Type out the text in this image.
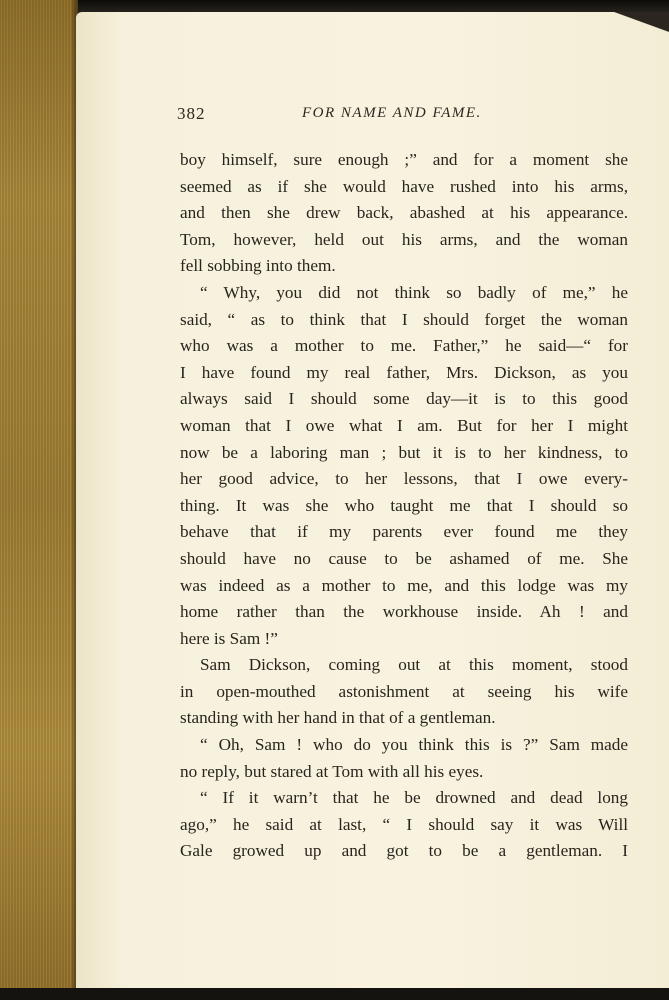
382	FOR NAME AND FAME.
boy himself, sure enough ;” and for a moment she
seemed as if she would have rushed into his arms,
and then she drew back, abashed at his appearance.
Tom, however, held out his arms, and the woman
fell sobbing into them.
“ Why, you did not think so badly of me,” he
said, “ as to think that I should forget the woman
who was a mother to me. Father,” he said—“ for
I have found my real father, Mrs. Dickson, as you
always said I should some day—it is to this good
woman that I owe what I am. But for her I might
now be a laboring man ; but it is to her kindness, to
her good advice, to her lessons, that I owe every-
thing. It was she who taught me that I should so
behave that if my parents ever found me they
should have no cause to be ashamed of me. She
was indeed as a mother to me, and this lodge was my
home rather than the workhouse inside. Ah ! and
here is Sam !”
Sam Dickson, coming out at this moment, stood
in open-mouthed astonishment at seeing his wife
standing with her hand in that of a gentleman.
“ Oh, Sam ! who do you think this is ?” Sam made
no reply, but stared at Tom with all his eyes.
“ If it warn’t that he be drowned and dead long
ago,” he said at last, “ I should say it was Will
Gale growed up and got to be a gentleman. I
